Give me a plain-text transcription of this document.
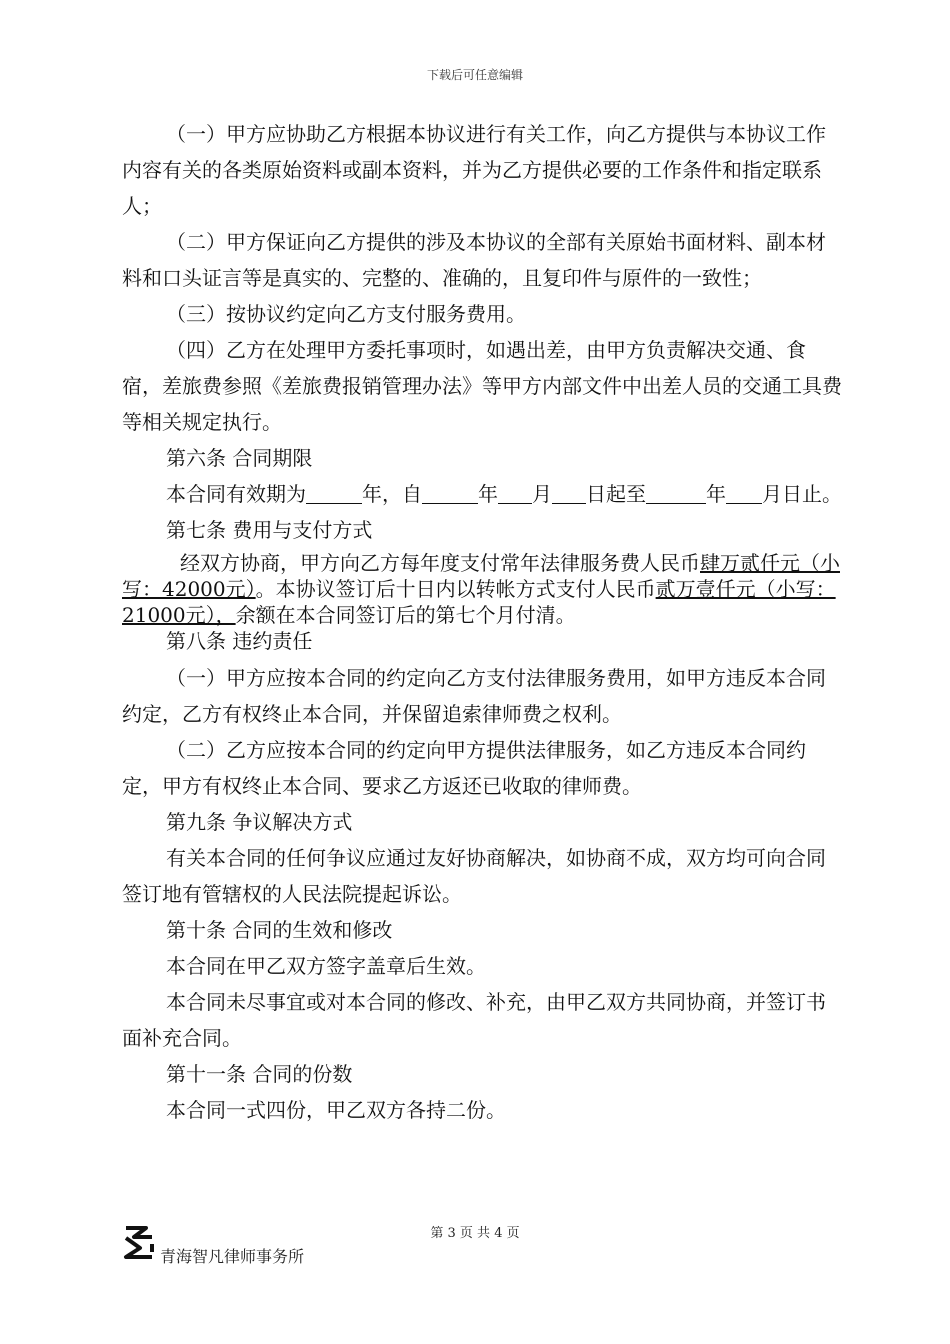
下载后可任意编辑

（一）甲方应协助乙方根据本协议进行有关工作，向乙方提供与本协议工作内容有关的各类原始资料或副本资料，并为乙方提供必要的工作条件和指定联系人；

（二）甲方保证向乙方提供的涉及本协议的全部有关原始书面材料、副本材料和口头证言等是真实的、完整的、准确的，且复印件与原件的一致性；

（三）按协议约定向乙方支付服务费用。

（四）乙方在处理甲方委托事项时，如遇出差，由甲方负责解决交通、食宿，差旅费参照《差旅费报销管理办法》等甲方内部文件中出差人员的交通工具费等相关规定执行。

第六条 合同期限

本合同有效期为	年，自	年 月 日起至	年 月日止。

第七条 费用与支付方式

经双方协商，甲方向乙方每年度支付常年法律服务费人民币肆万贰仟元（小写：42000元）。本协议签订后十日内以转帐方式支付人民币贰万壹仟元（小写：21000元），余额在本合同签订后的第七个月付清。

第八条 违约责任

（一）甲方应按本合同的约定向乙方支付法律服务费用，如甲方违反本合同约定，乙方有权终止本合同，并保留追索律师费之权利。

（二）乙方应按本合同的约定向甲方提供法律服务，如乙方违反本合同约定，甲方有权终止本合同、要求乙方返还已收取的律师费。

第九条 争议解决方式

有关本合同的任何争议应通过友好协商解决，如协商不成，双方均可向合同签订地有管辖权的人民法院提起诉讼。

第十条 合同的生效和修改

本合同在甲乙双方签字盖章后生效。

本合同未尽事宜或对本合同的修改、补充，由甲乙双方共同协商，并签订书面补充合同。

第十一条 合同的份数

本合同一式四份，甲乙双方各持二份。

第 3 页 共 4 页
青海智凡律师事务所
